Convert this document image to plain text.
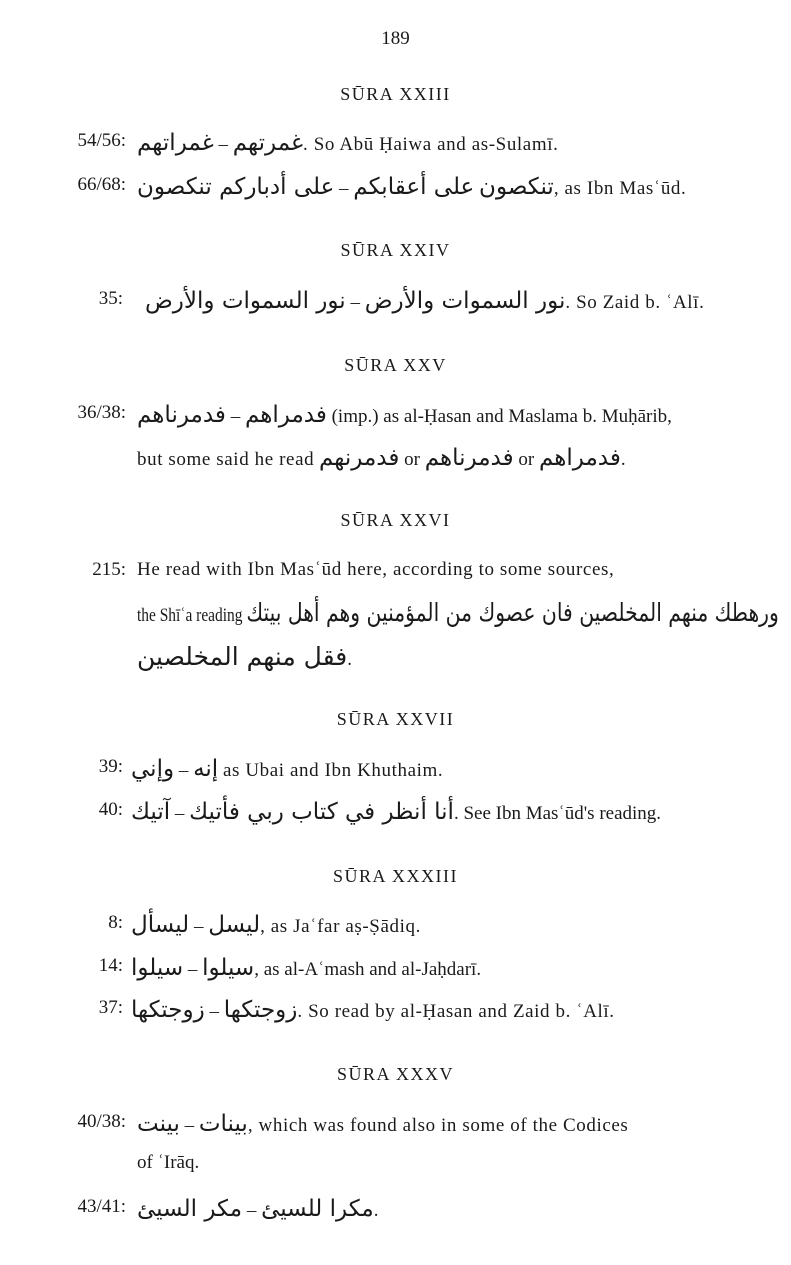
189
SŪRA XXIII
54/56: غمراتهم – غمرتهم. So Abū Ḥaiwa and as-Sulamī.
66/68: على أدباركم تنكصون – على أعقابكم تنكصون, as Ibn Masʿūd.
SŪRA XXIV
35: نور السموات والأرض – نور السموات والأرض. So Zaid b. ʿAlī.
SŪRA XXV
36/38: فدمرناهم – فدمراهم (imp.) as al-Ḥasan and Maslama b. Muḥārib,
but some said he read فدمرنهم or فدمرناهم or فدمراهم.
SŪRA XXVI
215: He read with Ibn Masʿūd here, according to some sources,
the Shīʿa reading ورهطك منهم المخلصين فان عصوك من المؤمنين وهم أهل بيتك
فقل منهم المخلصين.
SŪRA XXVII
39: وإني – إنه as Ubai and Ibn Khuthaim.
40: آتيك – أنا أنظر في كتاب ربي فأتيك. See Ibn Masʿūd's reading.
SŪRA XXXIII
8: ليسأل – ليسل, as Jaʿfar aṣ-Ṣādiq.
14: سيلوا – سيلوا, as al-Aʿmash and al-Jaḥdarī.
37: زوجتكها – زوجتكها. So read by al-Ḥasan and Zaid b. ʿAlī.
SŪRA XXXV
40/38: بينت – بينات, which was found also in some of the Codices
of ʿIrāq.
43/41: مكر السيئ – مكرا للسيئ.
